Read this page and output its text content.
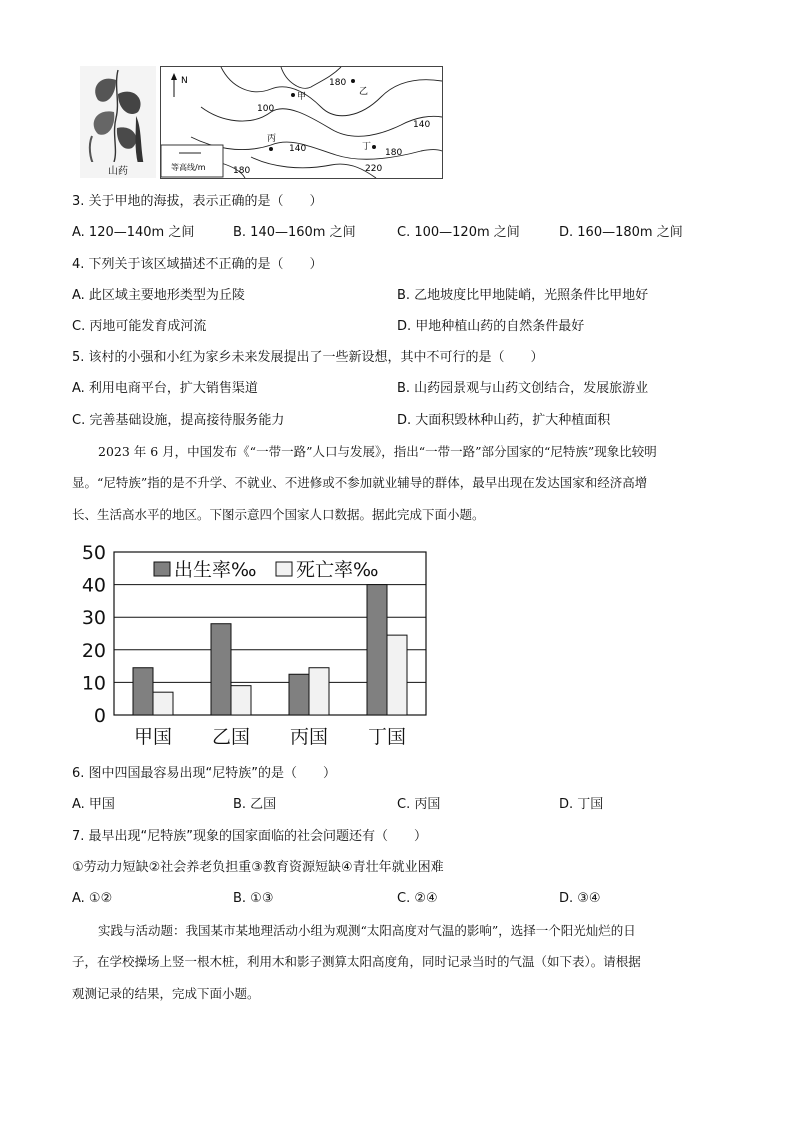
山药
N	180
100
140
140
180
220
180
甲	乙
丙
丁
等高线/m
3. 关于甲地的海拔，表示正确的是（　　）
A. 120—140m 之间	B. 140—160m 之间	C. 100—120m 之间	D. 160—180m 之间
4. 下列关于该区域描述不正确的是（　　）
A. 此区域主要地形类型为丘陵	B. 乙地坡度比甲地陡峭，光照条件比甲地好
C. 丙地可能发育成河流	D. 甲地种植山药的自然条件最好
5. 该村的小强和小红为家乡未来发展提出了一些新设想，其中不可行的是（　　）
A. 利用电商平台，扩大销售渠道	B. 山药园景观与山药文创结合，发展旅游业
C. 完善基础设施，提高接待服务能力	D. 大面积毁林种山药，扩大种植面积
2023 年 6 月，中国发布《“一带一路”人口与发展》，指出“一带一路”部分国家的“尼特族”现象比较明
显。“尼特族”指的是不升学、不就业、不进修或不参加就业辅导的群体，最早出现在发达国家和经济高增
长、生活高水平的地区。下图示意四个国家人口数据。据此完成下面小题。
0
10
20
30
40
50
甲国 乙国 丙国 丁国
出生率‰ 死亡率‰
6. 图中四国最容易出现“尼特族”的是（　　）
A. 甲国	B. 乙国	C. 丙国	D. 丁国
7. 最早出现“尼特族”现象的国家面临的社会问题还有（　　）
①劳动力短缺②社会养老负担重③教育资源短缺④青壮年就业困难
A. ①②	B. ①③	C. ②④	D. ③④
实践与活动题：我国某市某地理活动小组为观测“太阳高度对气温的影响”，选择一个阳光灿烂的日
子，在学校操场上竖一根木桩，利用木和影子测算太阳高度角，同时记录当时的气温（如下表）。请根据
观测记录的结果，完成下面小题。
